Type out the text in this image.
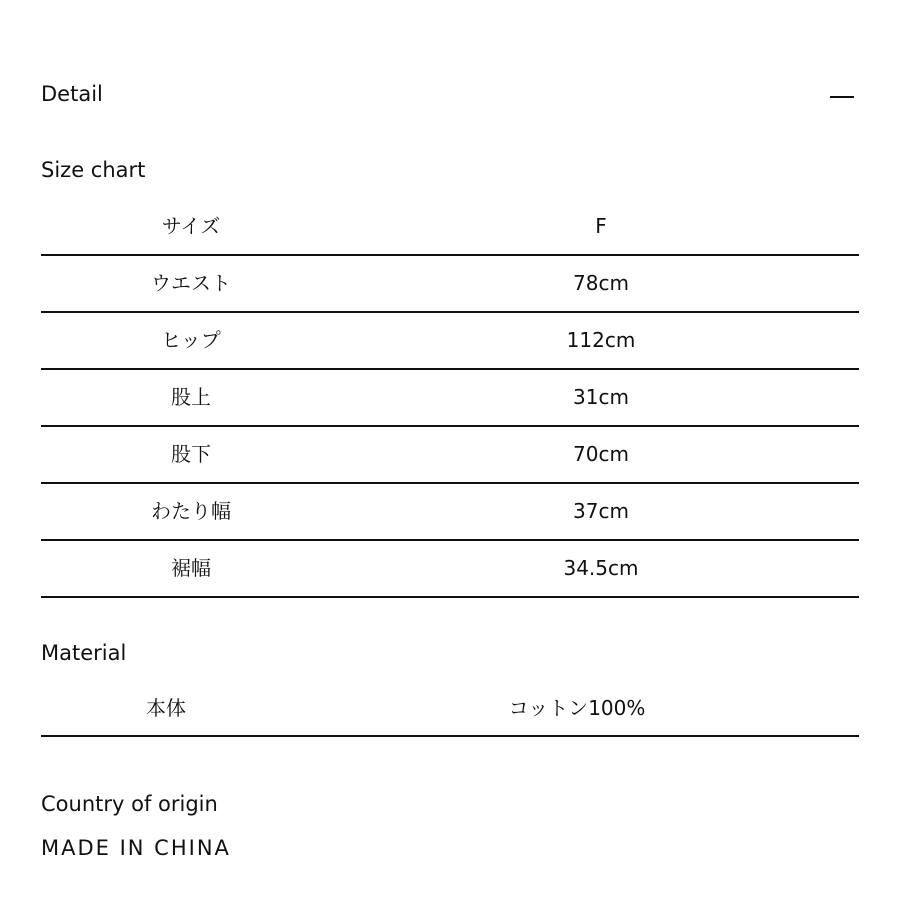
Detail
Size chart
サイズ	F
ウエスト	78cm
ヒップ	112cm
股上	31cm
股下	70cm
わたり幅	37cm
裾幅	34.5cm
Material
本体	コットン100%
Country of origin
MADE IN CHINA
